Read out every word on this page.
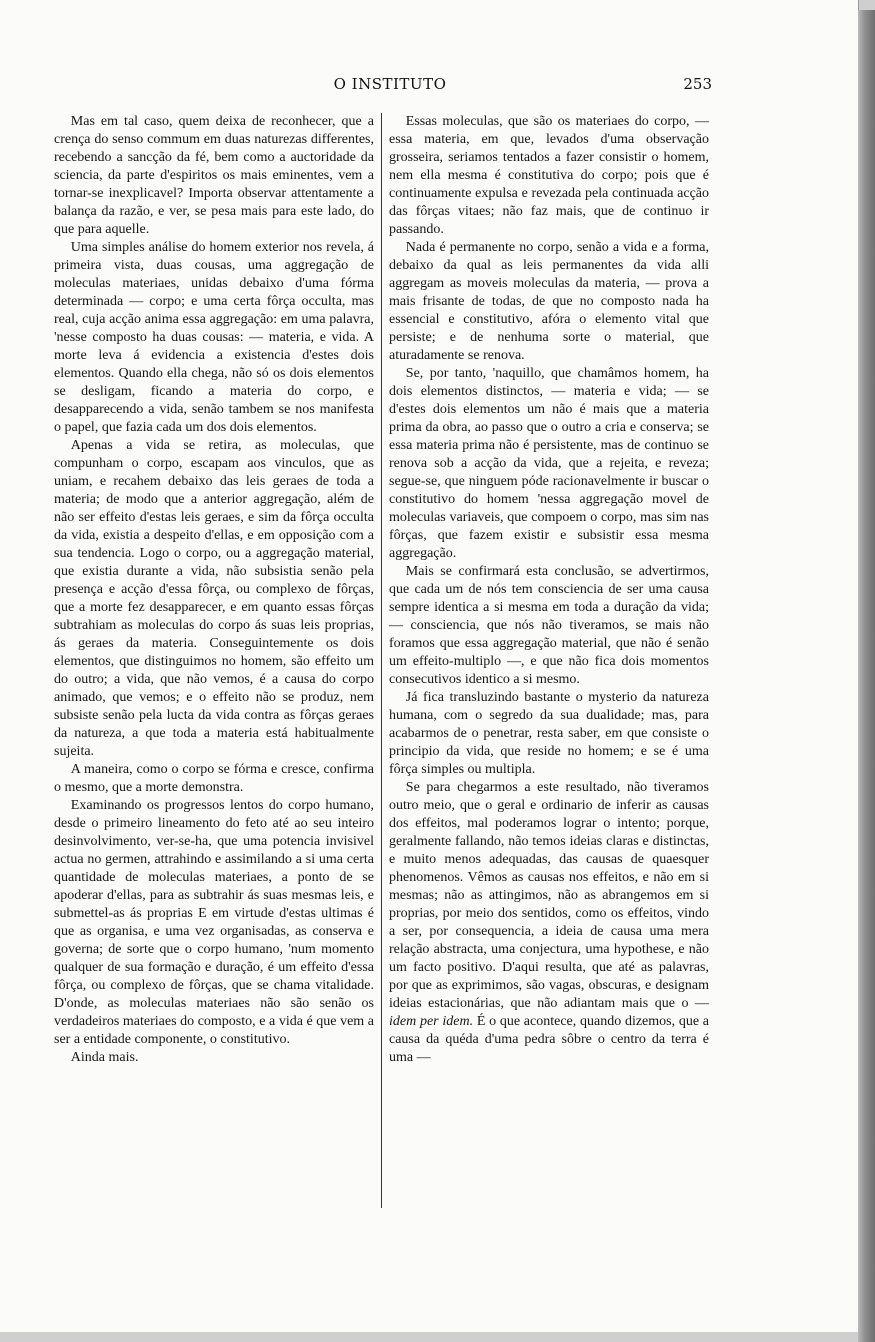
O INSTITUTO	253

Mas em tal caso, quem deixa de reconhecer, que a crença do senso commum em duas naturezas differentes, recebendo a sancção da fé, bem como a auctoridade da sciencia, da parte d'espiritos os mais eminentes, vem a tornar-se inexplicavel? Importa observar attentamente a balança da razão, e ver, se pesa mais para este lado, do que para aquelle.

Uma simples análise do homem exterior nos revela, á primeira vista, duas cousas, uma aggregação de moleculas materiaes, unidas debaixo d'uma fórma determinada — corpo; e uma certa fôrça occulta, mas real, cuja acção anima essa aggregação: em uma palavra, 'nesse composto ha duas cousas: — materia, e vida. A morte leva á evidencia a existencia d'estes dois elementos. Quando ella chega, não só os dois elementos se desligam, ficando a materia do corpo, e desapparecendo a vida, senão tambem se nos manifesta o papel, que fazia cada um dos dois elementos.

Apenas a vida se retira, as moleculas, que compunham o corpo, escapam aos vinculos, que as uniam, e recahem debaixo das leis geraes de toda a materia; de modo que a anterior aggregação, além de não ser effeito d'estas leis geraes, e sim da fôrça occulta da vida, existia a despeito d'ellas, e em opposição com a sua tendencia. Logo o corpo, ou a aggregação material, que existia durante a vida, não subsistia senão pela presença e acção d'essa fôrça, ou complexo de fôrças, que a morte fez desapparecer, e em quanto essas fôrças subtrahiam as moleculas do corpo ás suas leis proprias, ás geraes da materia. Conseguintemente os dois elementos, que distinguimos no homem, são effeito um do outro; a vida, que não vemos, é a causa do corpo animado, que vemos; e o effeito não se produz, nem subsiste senão pela lucta da vida contra as fôrças geraes da natureza, a que toda a materia está habitualmente sujeita.

A maneira, como o corpo se fórma e cresce, confirma o mesmo, que a morte demonstra.

Examinando os progressos lentos do corpo humano, desde o primeiro lineamento do feto até ao seu inteiro desinvolvimento, ver-se-ha, que uma potencia invisivel actua no germen, attrahindo e assimilando a si uma certa quantidade de moleculas materiaes, a ponto de se apoderar d'ellas, para as subtrahir ás suas mesmas leis, e submettel-as ás proprias E em virtude d'estas ultimas é que as organisa, e uma vez organisadas, as conserva e governa; de sorte que o corpo humano, 'num momento qualquer de sua formação e duração, é um effeito d'essa fôrça, ou complexo de fôrças, que se chama vitalidade. D'onde, as moleculas materiaes não são senão os verdadeiros materiaes do composto, e a vida é que vem a ser a entidade componente, o constitutivo.

Ainda mais.

Essas moleculas, que são os materiaes do corpo, — essa materia, em que, levados d'uma observação grosseira, seriamos tentados a fazer consistir o homem, nem ella mesma é constitutiva do corpo; pois que é continuamente expulsa e revezada pela continuada acção das fôrças vitaes; não faz mais, que de continuo ir passando.

Nada é permanente no corpo, senão a vida e a forma, debaixo da qual as leis permanentes da vida alli aggregam as moveis moleculas da materia, — prova a mais frisante de todas, de que no composto nada ha essencial e constitutivo, afóra o elemento vital que persiste; e de nenhuma sorte o material, que aturadamente se renova.

Se, por tanto, 'naquillo, que chamâmos homem, ha dois elementos distinctos, — materia e vida; — se d'estes dois elementos um não é mais que a materia prima da obra, ao passo que o outro a cria e conserva; se essa materia prima não é persistente, mas de continuo se renova sob a acção da vida, que a rejeita, e reveza; segue-se, que ninguem póde racionavelmente ir buscar o constitutivo do homem 'nessa aggregação movel de moleculas variaveis, que compoem o corpo, mas sim nas fôrças, que fazem existir e subsistir essa mesma aggregação.

Mais se confirmará esta conclusão, se advertirmos, que cada um de nós tem consciencia de ser uma causa sempre identica a si mesma em toda a duração da vida; — consciencia, que nós não tiveramos, se mais não foramos que essa aggregação material, que não é senão um effeito-multiplo —, e que não fica dois momentos consecutivos identico a si mesmo.

Já fica transluzindo bastante o mysterio da natureza humana, com o segredo da sua dualidade; mas, para acabarmos de o penetrar, resta saber, em que consiste o principio da vida, que reside no homem; e se é uma fôrça simples ou multipla.

Se para chegarmos a este resultado, não tiveramos outro meio, que o geral e ordinario de inferir as causas dos effeitos, mal poderamos lograr o intento; porque, geralmente fallando, não temos ideias claras e distinctas, e muito menos adequadas, das causas de quaesquer phenomenos. Vêmos as causas nos effeitos, e não em si mesmas; não as attingimos, não as abrangemos em si proprias, por meio dos sentidos, como os effeitos, vindo a ser, por consequencia, a ideia de causa uma mera relação abstracta, uma conjectura, uma hypothese, e não um facto positivo. D'aqui resulta, que até as palavras, por que as exprimimos, são vagas, obscuras, e designam ideias estacionárias, que não adiantam mais que o —idem per idem. É o que acontece, quando dizemos, que a causa da quéda d'uma pedra sôbre o centro da terra é uma —
